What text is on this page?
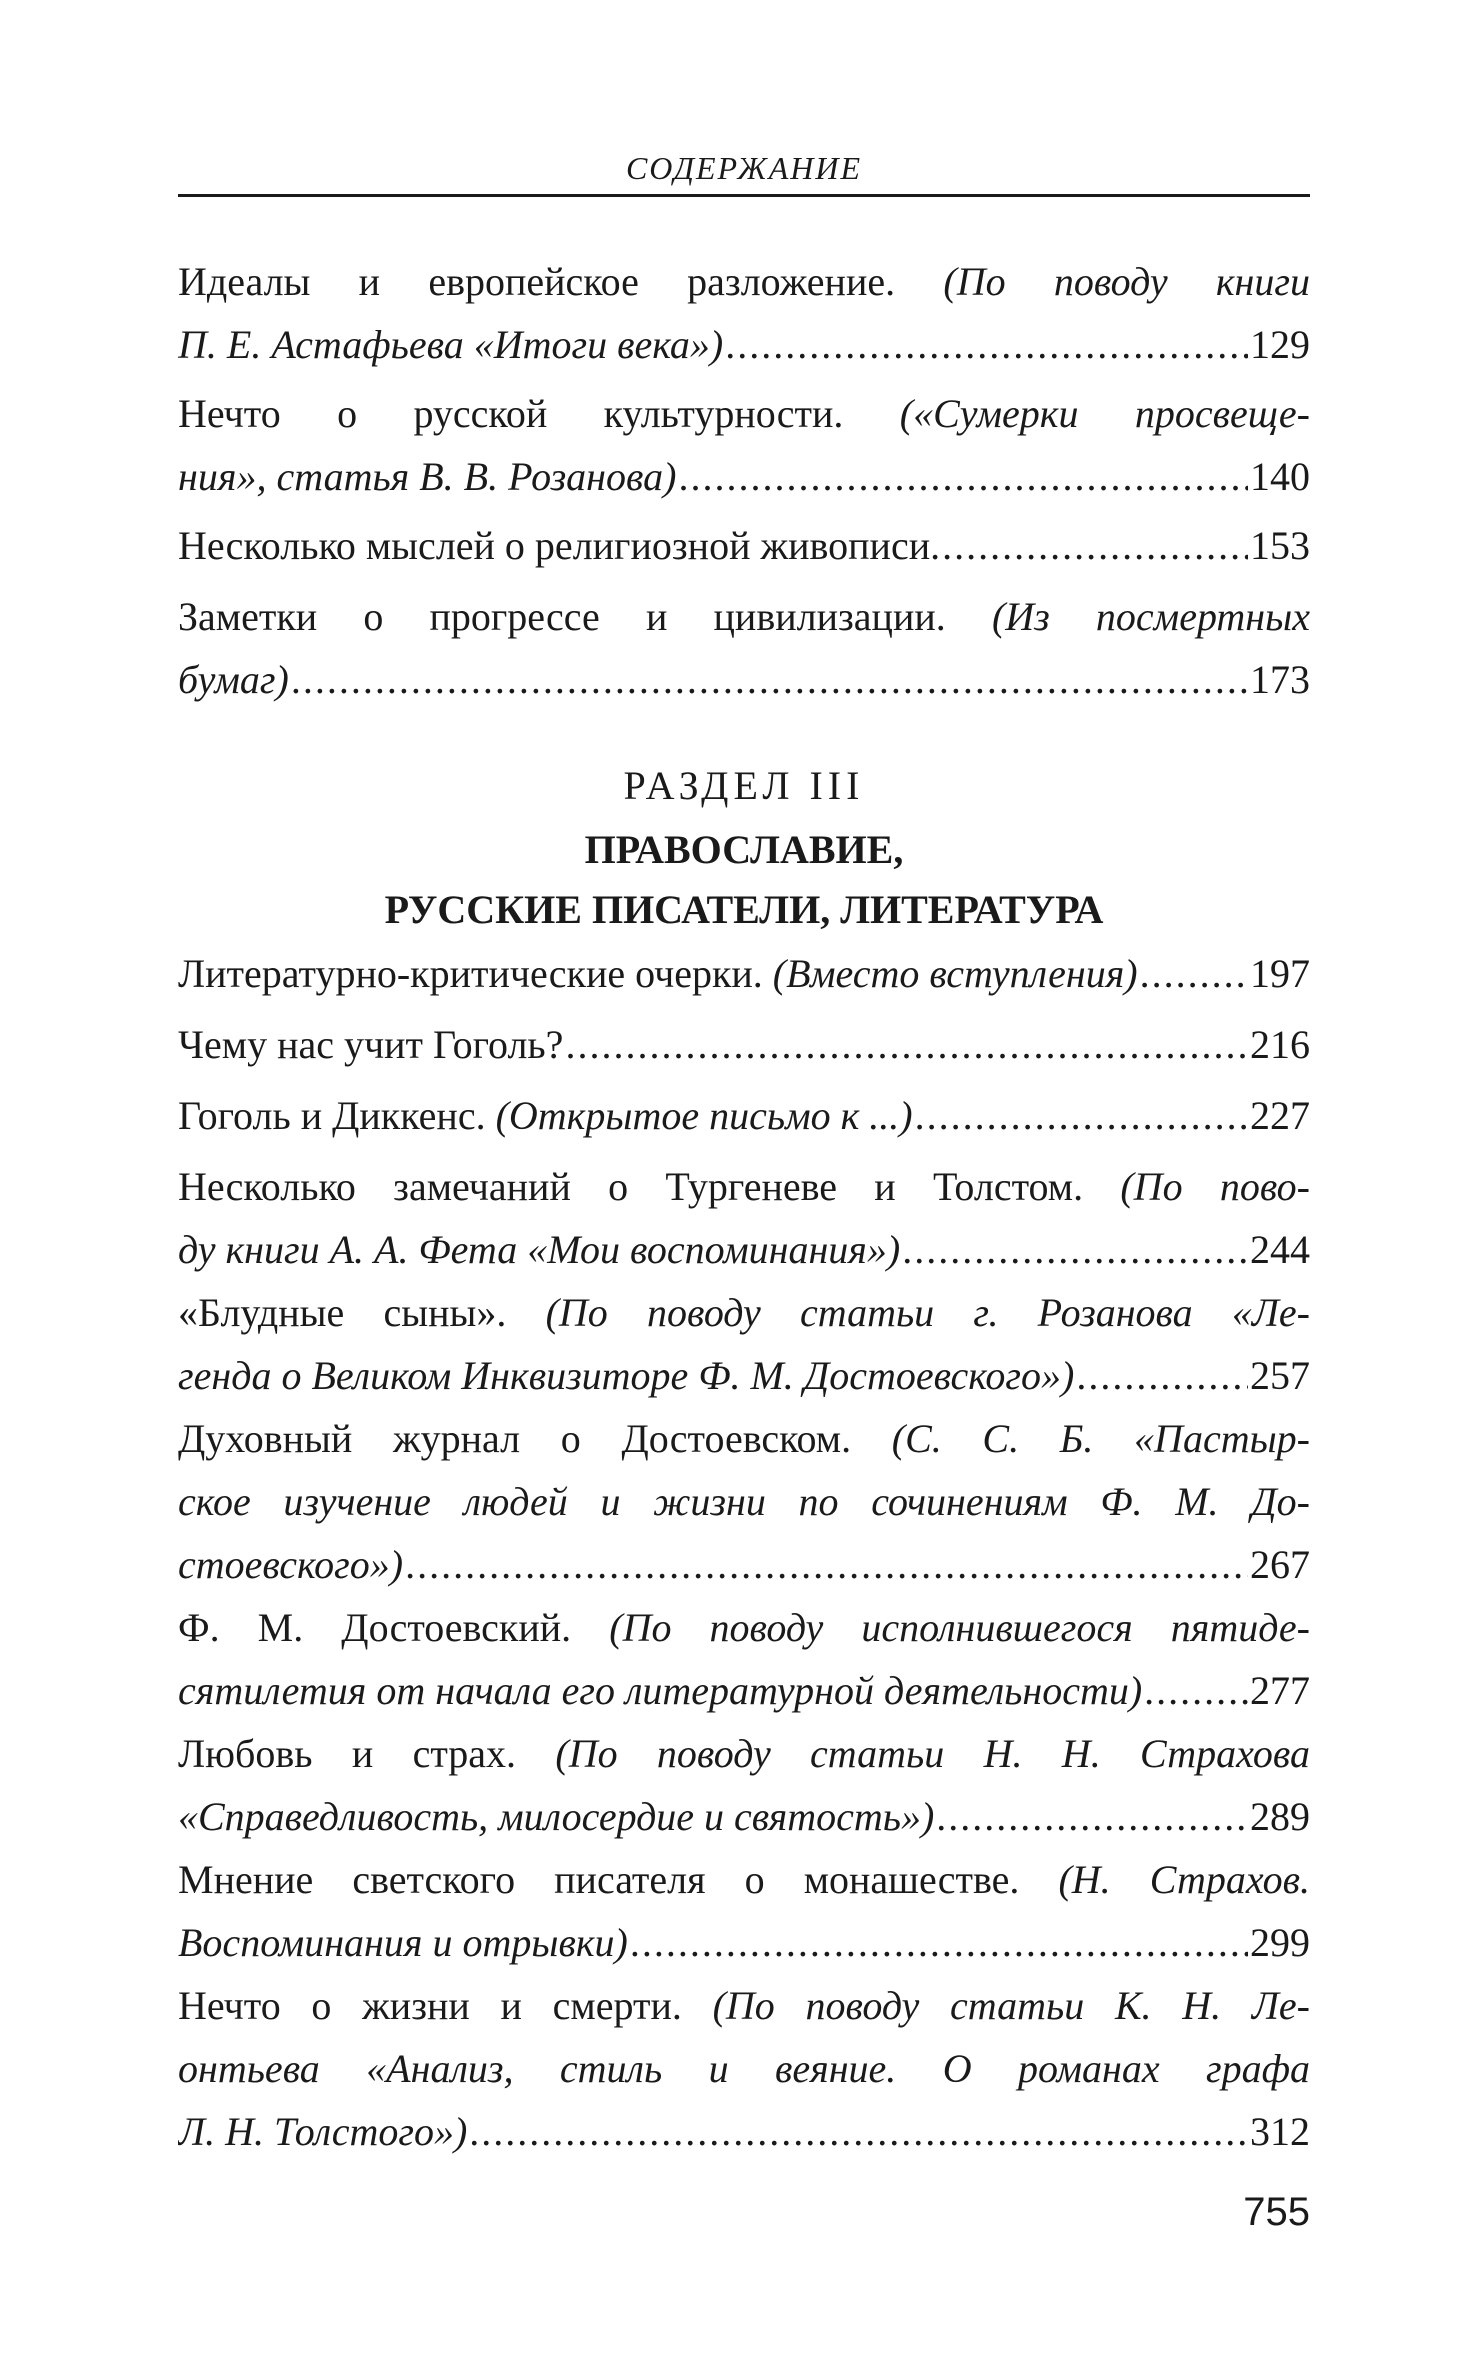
СОДЕРЖАНИЕ
Идеалы и европейское разложение. (По поводу книги
П. Е. Астафьева «Итоги века») . . .	129
Нечто о русской культурности. («Сумерки просвеще-
ния», статья В. В. Розанова) . . .	140
Несколько мыслей о религиозной живописи. . . .	153
Заметки о прогрессе и цивилизации. (Из посмертных
бумаг) . . .	173
РАЗДЕЛ III
ПРАВОСЛАВИЕ,
РУССКИЕ ПИСАТЕЛИ, ЛИТЕРАТУРА
Литературно-критические очерки. (Вместо вступления) . . .	197
Чему нас учит Гоголь? . . .	216
Гоголь и Диккенс. (Открытое письмо к ...) . . .	227
Несколько замечаний о Тургеневе и Толстом. (По пово-
ду книги А. А. Фета «Мои воспоминания») . . .	244
«Блудные сыны». (По поводу статьи г. Розанова «Ле-
генда о Великом Инквизиторе Ф. М. Достоевского») . . .	257
Духовный журнал о Достоевском. (С. С. Б. «Пастыр-
ское изучение людей и жизни по сочинениям Ф. М. До-
стоевского») . . .	267
Ф. М. Достоевский. (По поводу исполнившегося пятиде-
сятилетия от начала его литературной деятельности) . . .	277
Любовь и страх. (По поводу статьи Н. Н. Страхова
«Справедливость, милосердие и святость») . . .	289
Мнение светского писателя о монашестве. (Н. Страхов.
Воспоминания и отрывки) . . .	299
Нечто о жизни и смерти. (По поводу статьи К. Н. Ле-
онтьева «Анализ, стиль и веяние. О романах графа
Л. Н. Толстого») . . .	312
755
